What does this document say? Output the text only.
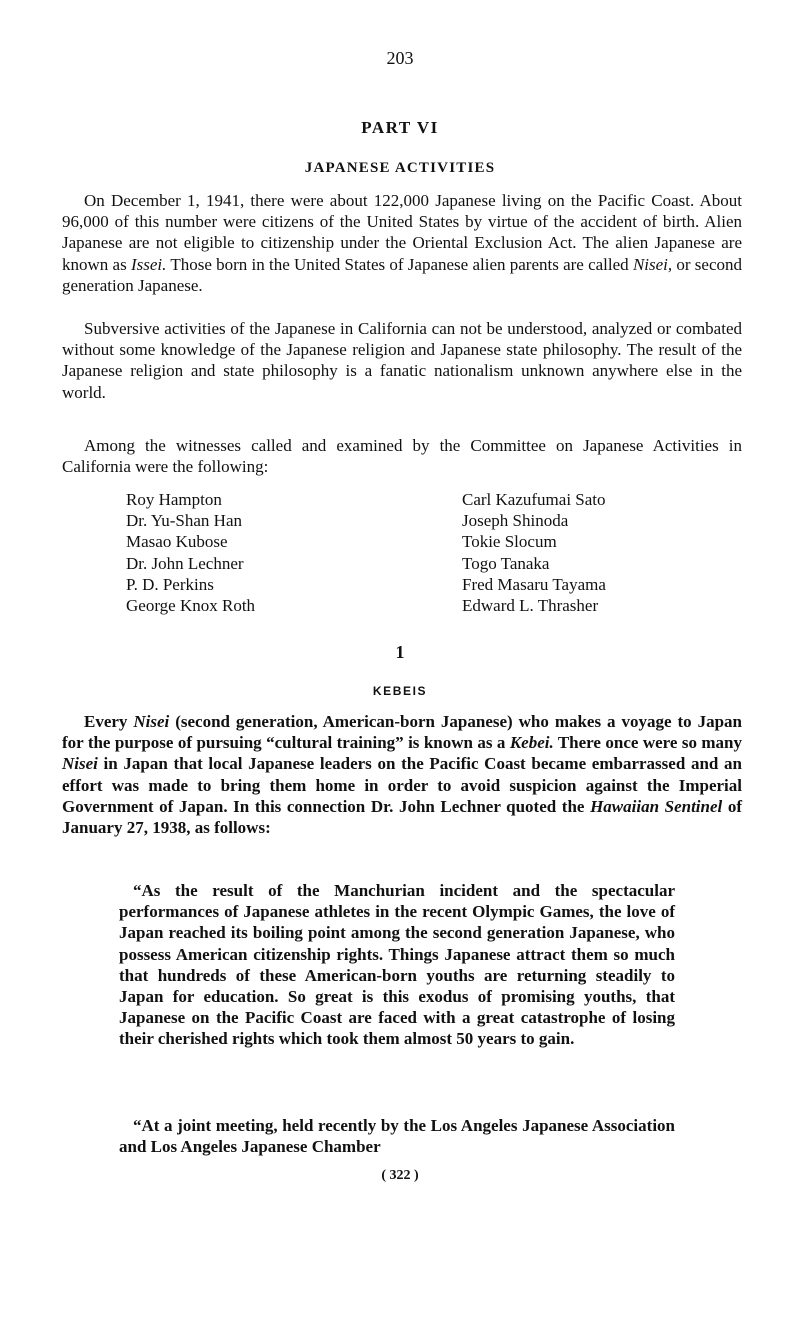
203
PART VI
JAPANESE ACTIVITIES

On December 1, 1941, there were about 122,000 Japanese living on the Pacific Coast. About 96,000 of this number were citizens of the United States by virtue of the accident of birth. Alien Japanese are not eligible to citizenship under the Oriental Exclusion Act. The alien Japanese are known as Issei. Those born in the United States of Japanese alien parents are called Nisei, or second generation Japanese.

Subversive activities of the Japanese in California can not be understood, analyzed or combated without some knowledge of the Japanese religion and Japanese state philosophy. The result of the Japanese religion and state philosophy is a fanatic nationalism unknown anywhere else in the world.

Among the witnesses called and examined by the Committee on Japanese Activities in California were the following:

Roy Hampton
Dr. Yu-Shan Han
Masao Kubose
Dr. John Lechner
P. D. Perkins
George Knox Roth
Carl Kazufumai Sato
Joseph Shinoda
Tokie Slocum
Togo Tanaka
Fred Masaru Tayama
Edward L. Thrasher
1
KEBEIS

Every Nisei (second generation, American-born Japanese) who makes a voyage to Japan for the purpose of pursuing “cultural training” is known as a Kebei. There once were so many Nisei in Japan that local Japanese leaders on the Pacific Coast became embarrassed and an effort was made to bring them home in order to avoid suspicion against the Imperial Government of Japan. In this connection Dr. John Lechner quoted the Hawaiian Sentinel of January 27, 1938, as follows:

“As the result of the Manchurian incident and the spectacular performances of Japanese athletes in the recent Olympic Games, the love of Japan reached its boiling point among the second generation Japanese, who possess American citizenship rights. Things Japanese attract them so much that hundreds of these American-born youths are returning steadily to Japan for education. So great is this exodus of promising youths, that Japanese on the Pacific Coast are faced with a great catastrophe of losing their cherished rights which took them almost 50 years to gain.

“At a joint meeting, held recently by the Los Angeles Japanese Association and Los Angeles Japanese Chamber

( 322 )
